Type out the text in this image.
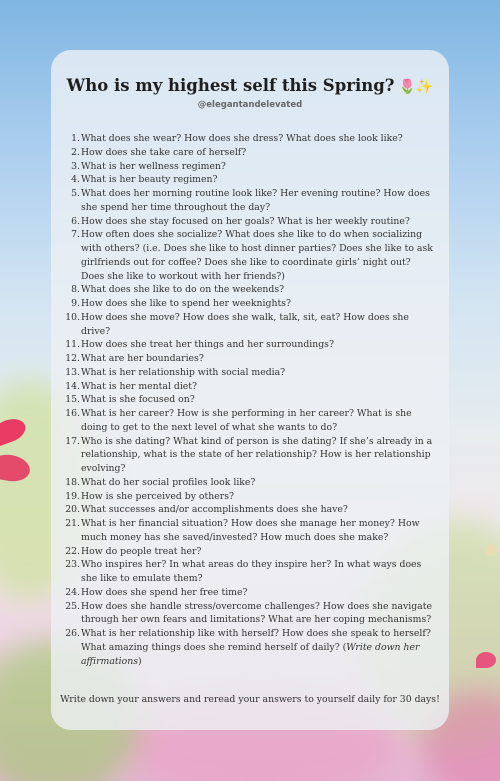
Who is my highest self this Spring? 🌷✨
@elegantandelevated
1. What does she wear? How does she dress? What does she look like?
2. How does she take care of herself?
3. What is her wellness regimen?
4. What is her beauty regimen?
5. What does her morning routine look like? Her evening routine? How does she spend her time throughout the day?
6. How does she stay focused on her goals? What is her weekly routine?
7. How often does she socialize? What does she like to do when socializing with others? (i.e. Does she like to host dinner parties? Does she like to ask girlfriends out for coffee? Does she like to coordinate girls’ night out? Does she like to workout with her friends?)
8. What does she like to do on the weekends?
9. How does she like to spend her weeknights?
10. How does she move? How does she walk, talk, sit, eat? How does she drive?
11. How does she treat her things and her surroundings?
12. What are her boundaries?
13. What is her relationship with social media?
14. What is her mental diet?
15. What is she focused on?
16. What is her career? How is she performing in her career? What is she doing to get to the next level of what she wants to do?
17. Who is she dating? What kind of person is she dating? If she’s already in a relationship, what is the state of her relationship? How is her relationship evolving?
18. What do her social profiles look like?
19. How is she perceived by others?
20. What successes and/or accomplishments does she have?
21. What is her financial situation? How does she manage her money? How much money has she saved/invested? How much does she make?
22. How do people treat her?
23. Who inspires her? In what areas do they inspire her? In what ways does she like to emulate them?
24. How does she spend her free time?
25. How does she handle stress/overcome challenges? How does she navigate through her own fears and limitations? What are her coping mechanisms?
26. What is her relationship like with herself? How does she speak to herself? What amazing things does she remind herself of daily? (Write down her affirmations)
Write down your answers and reread your answers to yourself daily for 30 days!
